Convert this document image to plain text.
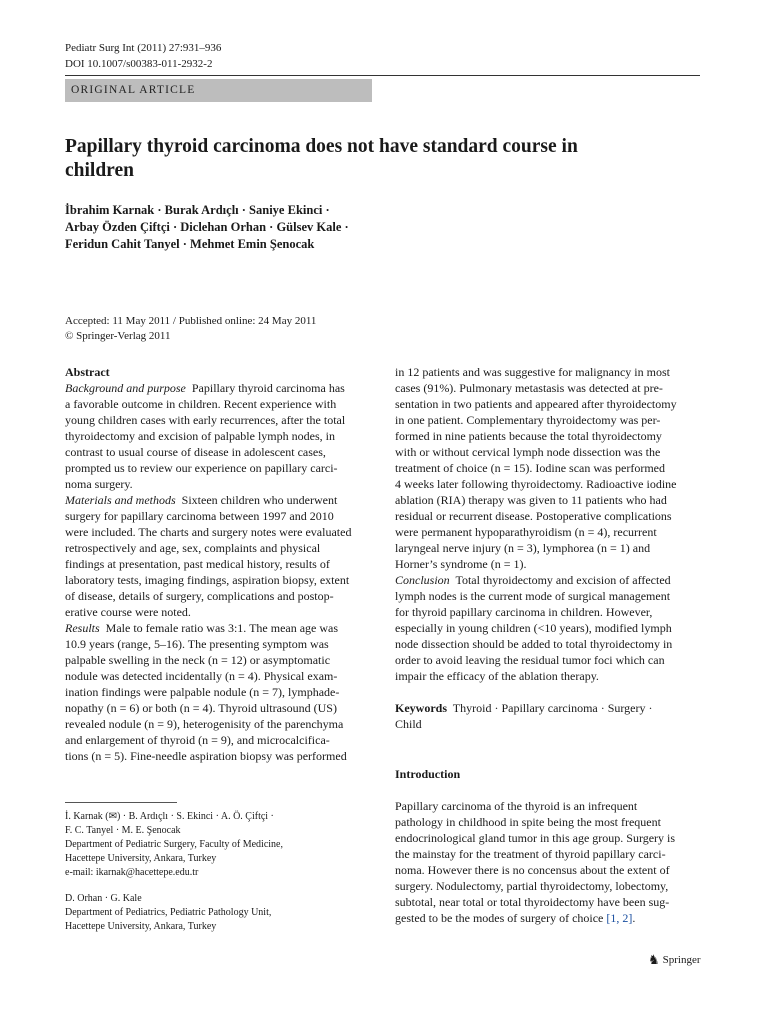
Pediatr Surg Int (2011) 27:931–936
DOI 10.1007/s00383-011-2932-2
ORIGINAL ARTICLE
Papillary thyroid carcinoma does not have standard course in children
İbrahim Karnak · Burak Ardıçlı · Saniye Ekinci ·
Arbay Özden Çiftçi · Diclehan Orhan · Gülsev Kale ·
Feridun Cahit Tanyel · Mehmet Emin Şenocak
Accepted: 11 May 2011 / Published online: 24 May 2011
© Springer-Verlag 2011
Abstract
Background and purpose  Papillary thyroid carcinoma has
a favorable outcome in children. Recent experience with
young children cases with early recurrences, after the total
thyroidectomy and excision of palpable lymph nodes, in
contrast to usual course of disease in adolescent cases,
prompted us to review our experience on papillary carci-
noma surgery.
Materials and methods  Sixteen children who underwent
surgery for papillary carcinoma between 1997 and 2010
were included. The charts and surgery notes were evaluated
retrospectively and age, sex, complaints and physical
findings at presentation, past medical history, results of
laboratory tests, imaging findings, aspiration biopsy, extent
of disease, details of surgery, complications and postop-
erative course were noted.
Results  Male to female ratio was 3:1. The mean age was
10.9 years (range, 5–16). The presenting symptom was
palpable swelling in the neck (n = 12) or asymptomatic
nodule was detected incidentally (n = 4). Physical exam-
ination findings were palpable nodule (n = 7), lymphade-
nopathy (n = 6) or both (n = 4). Thyroid ultrasound (US)
revealed nodule (n = 9), heterogenisity of the parenchyma
and enlargement of thyroid (n = 9), and microcalcifica-
tions (n = 5). Fine-needle aspiration biopsy was performed
in 12 patients and was suggestive for malignancy in most
cases (91%). Pulmonary metastasis was detected at pre-
sentation in two patients and appeared after thyroidectomy
in one patient. Complementary thyroidectomy was per-
formed in nine patients because the total thyroidectomy
with or without cervical lymph node dissection was the
treatment of choice (n = 15). Iodine scan was performed
4 weeks later following thyroidectomy. Radioactive iodine
ablation (RIA) therapy was given to 11 patients who had
residual or recurrent disease. Postoperative complications
were permanent hypoparathyroidism (n = 4), recurrent
laryngeal nerve injury (n = 3), lymphorea (n = 1) and
Horner’s syndrome (n = 1).
Conclusion  Total thyroidectomy and excision of affected
lymph nodes is the current mode of surgical management
for thyroid papillary carcinoma in children. However,
especially in young children (<10 years), modified lymph
node dissection should be added to total thyroidectomy in
order to avoid leaving the residual tumor foci which can
impair the efficacy of the ablation therapy.
Keywords  Thyroid · Papillary carcinoma · Surgery ·
Child
Introduction
Papillary carcinoma of the thyroid is an infrequent
pathology in childhood in spite being the most frequent
endocrinological gland tumor in this age group. Surgery is
the mainstay for the treatment of thyroid papillary carci-
noma. However there is no concensus about the extent of
surgery. Nodulectomy, partial thyroidectomy, lobectomy,
subtotal, near total or total thyroidectomy have been sug-
gested to be the modes of surgery of choice [1, 2].
İ. Karnak (✉) · B. Ardıçlı · S. Ekinci · A. Ö. Çiftçi ·
F. C. Tanyel · M. E. Şenocak
Department of Pediatric Surgery, Faculty of Medicine,
Hacettepe University, Ankara, Turkey
e-mail: ikarnak@hacettepe.edu.tr
D. Orhan · G. Kale
Department of Pediatrics, Pediatric Pathology Unit,
Hacettepe University, Ankara, Turkey
♞ Springer
